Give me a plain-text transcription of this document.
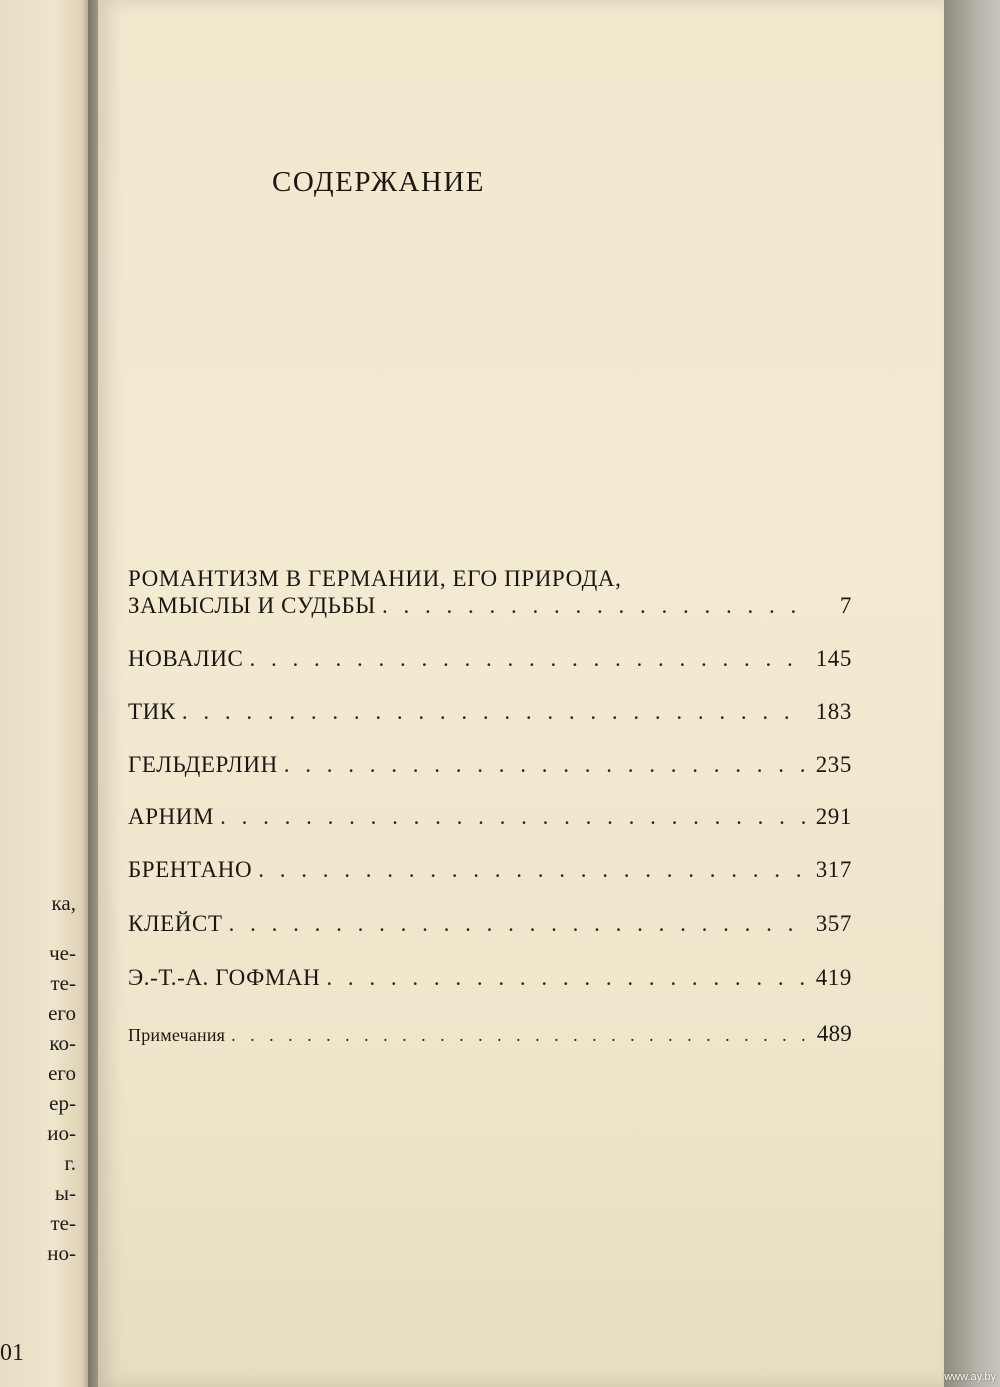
ка,
че-
те-
его
ко-
его
ер-
ио-
г.
ы-
те-
но-
01
СОДЕРЖАНИЕ
РОМАНТИЗМ В ГЕРМАНИИ, ЕГО ПРИРОДА,
ЗАМЫСЛЫ И СУДЬБЫ . . .	7
НОВАЛИС . . .	145
ТИК . . .	183
ГЕЛЬДЕРЛИН . . .	235
АРНИМ . . .	291
БРЕНТАНО . . .	317
КЛЕЙСТ . . .	357
Э.-Т.-А. ГОФМАН . . .	419
Примечания . . .	489
www.ay.by
